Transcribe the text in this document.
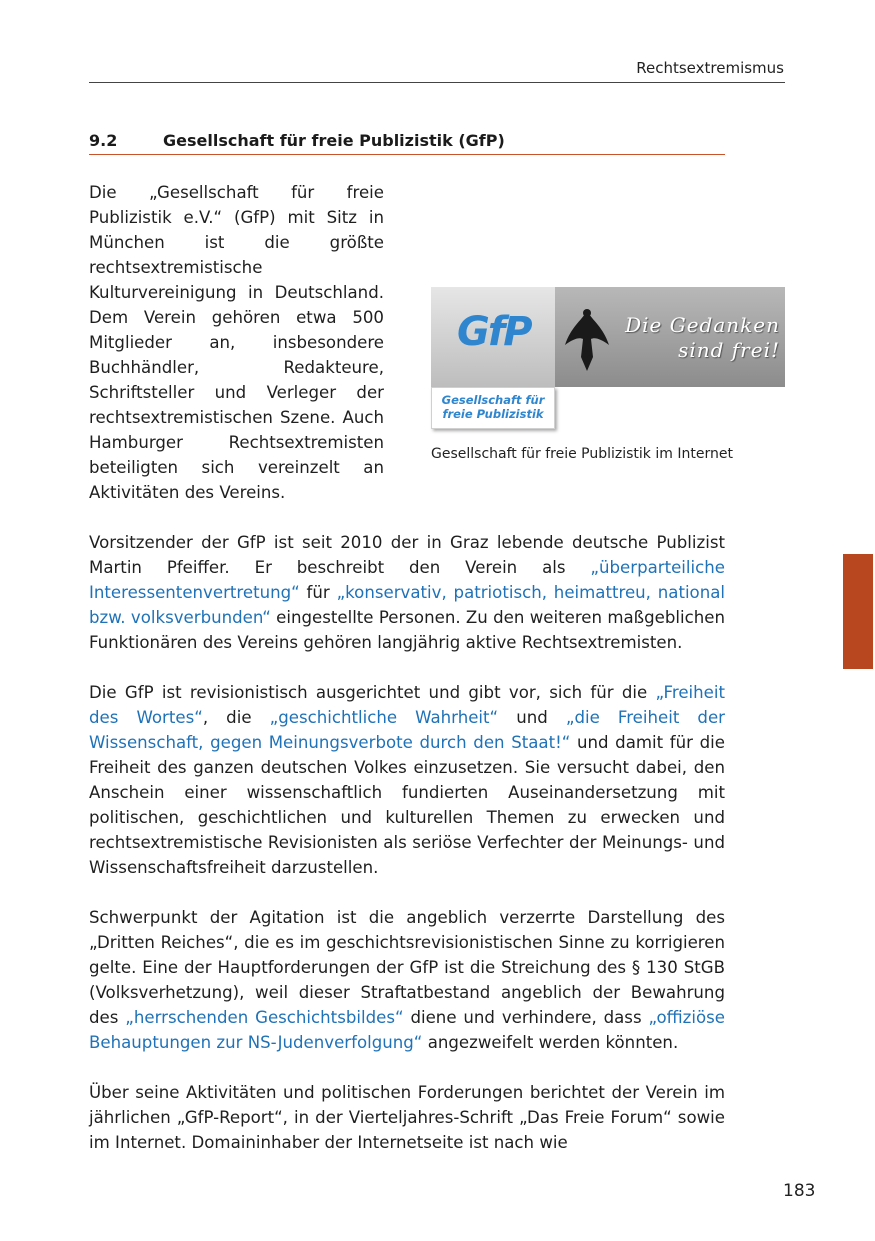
Rechtsextremismus
9.2	Gesellschaft für freie Publizistik (GfP)

Die „Gesellschaft für freie Publizistik e.V.“ (GfP) mit Sitz in München ist die größte rechtsextremistische Kulturvereinigung in Deutschland. Dem Verein gehören etwa 500 Mitglieder an, insbesondere Buchhändler, Redakteure, Schriftsteller und Verleger der rechtsextremistischen Szene. Auch Hamburger Rechtsextremisten beteiligten sich vereinzelt an Aktivitäten des Vereins.

Vorsitzender der GfP ist seit 2010 der in Graz lebende deutsche Publizist Martin Pfeiffer. Er beschreibt den Verein als „überparteiliche Interessentenvertretung“ für „konservativ, patriotisch, heimattreu, national bzw. volksverbunden“ eingestellte Personen. Zu den weiteren maßgeblichen Funktionären des Vereins gehören langjährig aktive Rechtsextremisten.

Die GfP ist revisionistisch ausgerichtet und gibt vor, sich für die „Freiheit des Wortes“, die „geschichtliche Wahrheit“ und „die Freiheit der Wissenschaft, gegen Meinungsverbote durch den Staat!“ und damit für die Freiheit des ganzen deutschen Volkes einzusetzen. Sie versucht dabei, den Anschein einer wissenschaftlich fundierten Auseinandersetzung mit politischen, geschichtlichen und kulturellen Themen zu erwecken und rechtsextremistische Revisionisten als seriöse Verfechter der Meinungs- und Wissenschaftsfreiheit darzustellen.

Schwerpunkt der Agitation ist die angeblich verzerrte Darstellung des „Dritten Reiches“, die es im geschichtsrevisionistischen Sinne zu korrigieren gelte. Eine der Hauptforderungen der GfP ist die Streichung des § 130 StGB (Volksverhetzung), weil dieser Straftatbestand angeblich der Bewahrung des „herrschenden Geschichtsbildes“ diene und verhindere, dass „offiziöse Behauptungen zur NS-Judenverfolgung“ angezweifelt werden könnten.

Über seine Aktivitäten und politischen Forderungen berichtet der Verein im jährlichen „GfP-Report“, in der Vierteljahres-Schrift „Das Freie Forum“ sowie im Internet. Domaininhaber der Internetseite ist nach wie

GfP	Die Gedanken
sind frei!
Gesellschaft für
freie Publizistik
Gesellschaft für freie Publizistik im Internet
183
